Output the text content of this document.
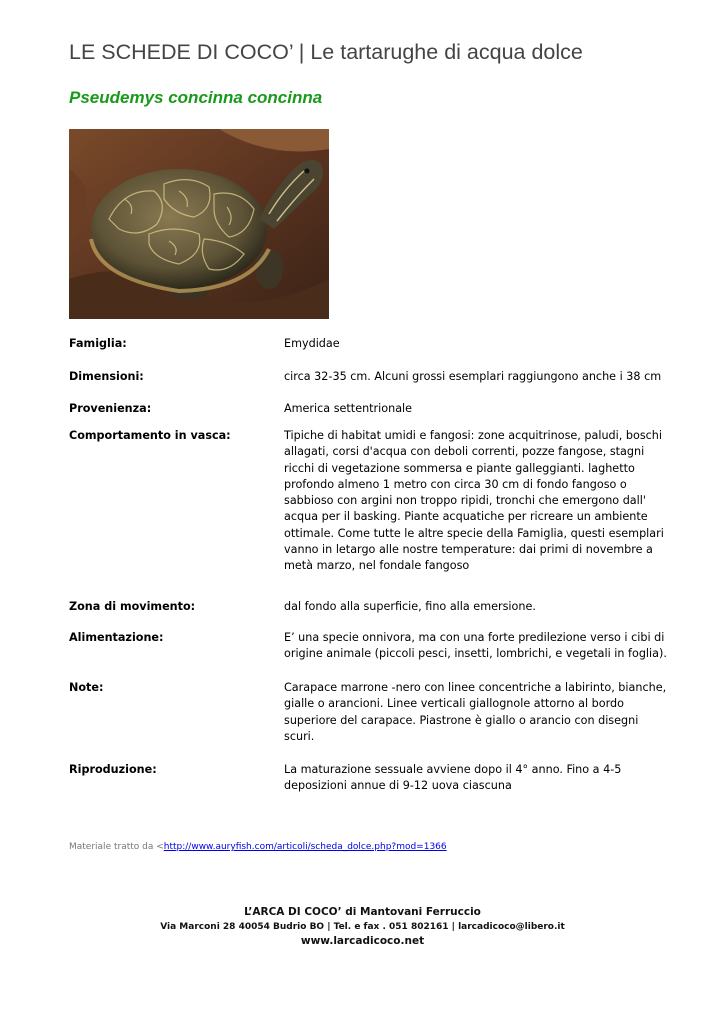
LE SCHEDE DI COCO’ | Le tartarughe di acqua dolce
Pseudemys concinna concinna
Famiglia:	Emydidae
Dimensioni:	circa 32-35 cm. Alcuni grossi esemplari raggiungono anche i 38 cm
Provenienza:	America settentrionale
Comportamento in vasca:	Tipiche di habitat umidi e fangosi: zone acquitrinose, paludi, boschi allagati, corsi d'acqua con deboli correnti, pozze fangose, stagni ricchi di vegetazione sommersa e piante galleggianti. laghetto profondo almeno 1 metro con circa 30 cm di fondo fangoso o sabbioso con argini non troppo ripidi, tronchi che emergono dall' acqua per il basking. Piante acquatiche per ricreare un ambiente ottimale. Come tutte le altre specie della Famiglia, questi esemplari vanno in letargo alle nostre temperature: dai primi di novembre a metà marzo, nel fondale fangoso
Zona di movimento:	dal fondo alla superficie, fino alla emersione.
Alimentazione:	E’ una specie onnivora, ma con una forte predilezione verso i cibi di origine animale (piccoli pesci, insetti, lombrichi, e vegetali in foglia).
Note:	Carapace marrone -nero con linee concentriche a labirinto, bianche, gialle o arancioni. Linee verticali giallognole attorno al bordo superiore del carapace. Piastrone è giallo o arancio con disegni scuri.
Riproduzione:	La maturazione sessuale avviene dopo il 4° anno. Fino a 4-5 deposizioni annue di 9-12 uova ciascuna
Materiale tratto da <http://www.auryfish.com/articoli/scheda_dolce.php?mod=1366
L’ARCA DI COCO’ di Mantovani Ferruccio
Via Marconi 28 40054 Budrio BO | Tel. e fax . 051 802161 | larcadicoco@libero.it
www.larcadicoco.net
